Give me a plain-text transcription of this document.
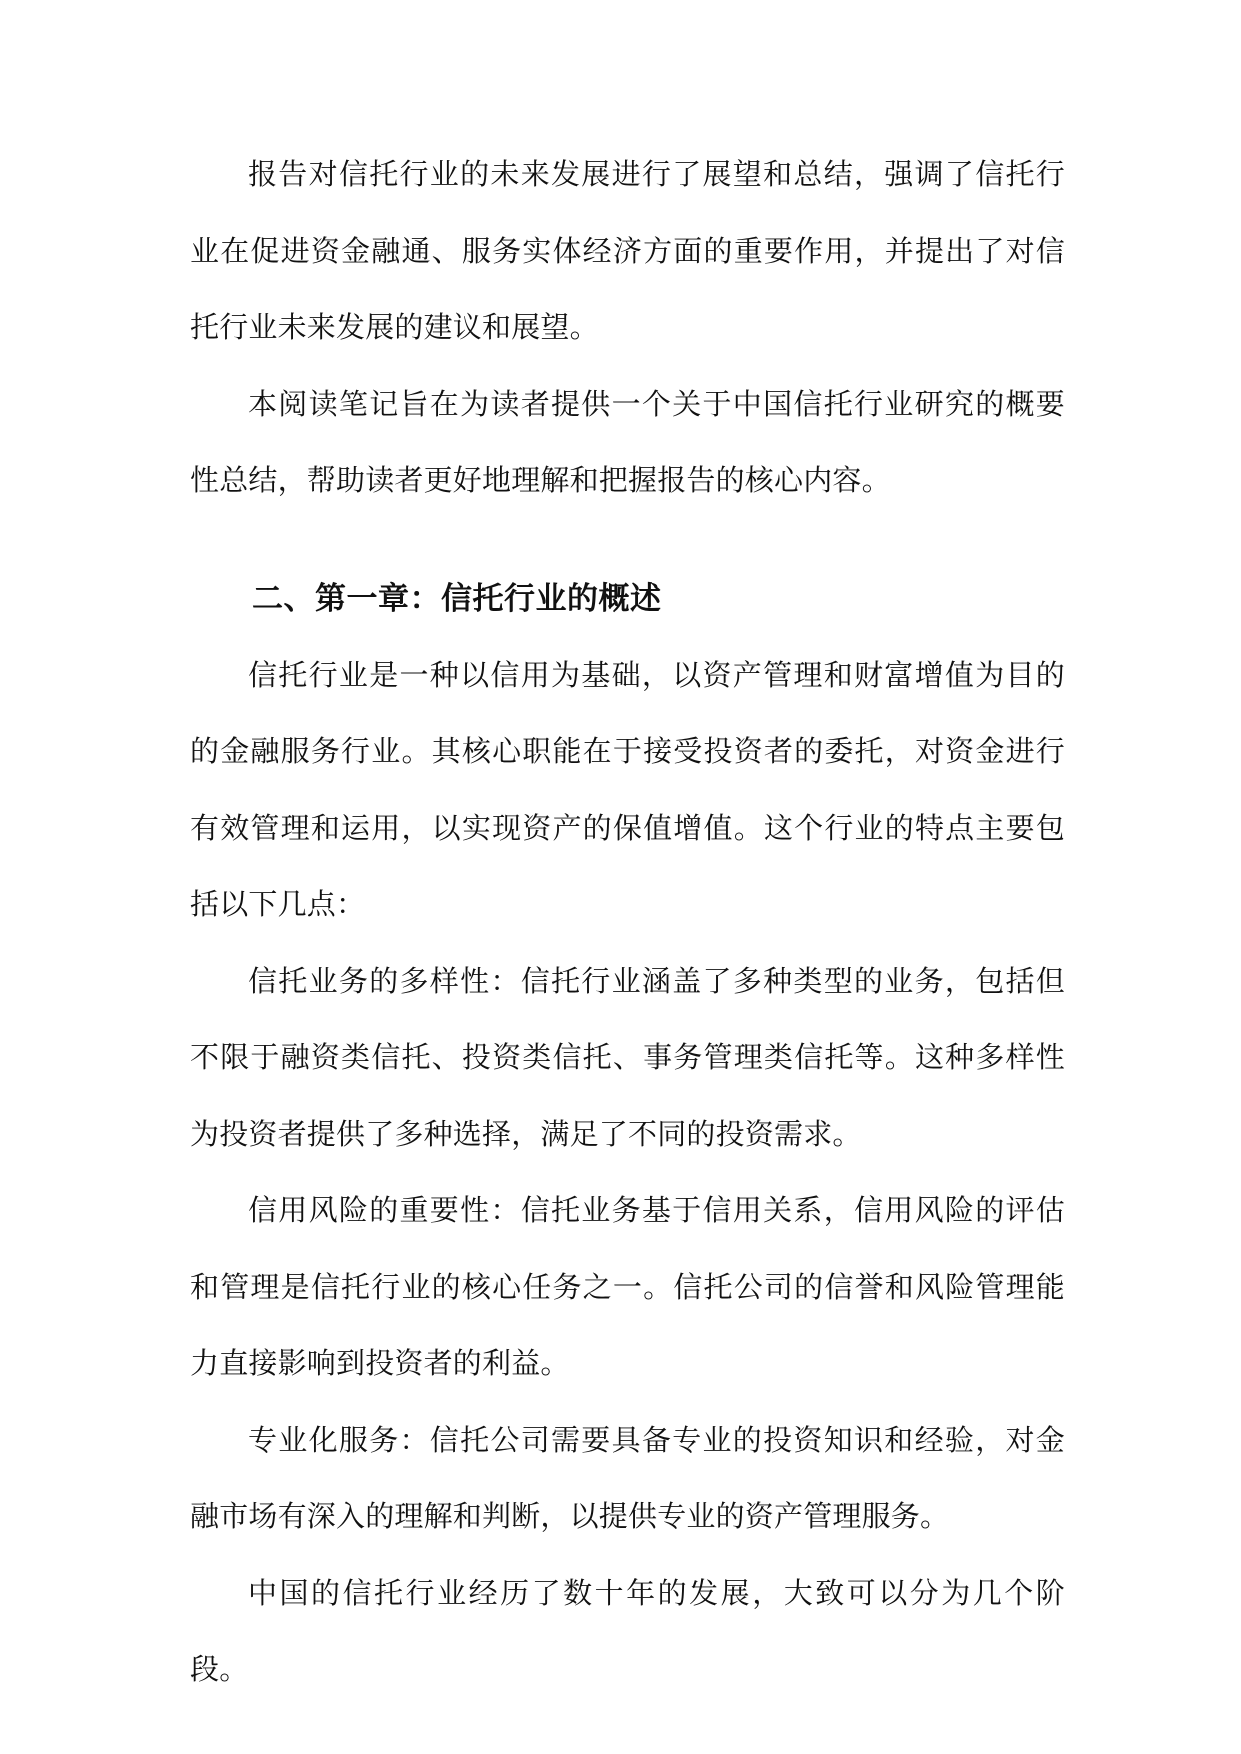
报告对信托行业的未来发展进行了展望和总结，强调了信托行业在促进资金融通、服务实体经济方面的重要作用，并提出了对信托行业未来发展的建议和展望。

本阅读笔记旨在为读者提供一个关于中国信托行业研究的概要性总结，帮助读者更好地理解和把握报告的核心内容。

二、第一章：信托行业的概述

信托行业是一种以信用为基础，以资产管理和财富增值为目的的金融服务行业。其核心职能在于接受投资者的委托，对资金进行有效管理和运用，以实现资产的保值增值。这个行业的特点主要包括以下几点：

信托业务的多样性：信托行业涵盖了多种类型的业务，包括但不限于融资类信托、投资类信托、事务管理类信托等。这种多样性为投资者提供了多种选择，满足了不同的投资需求。

信用风险的重要性：信托业务基于信用关系，信用风险的评估和管理是信托行业的核心任务之一。信托公司的信誉和风险管理能力直接影响到投资者的利益。

专业化服务：信托公司需要具备专业的投资知识和经验，对金融市场有深入的理解和判断，以提供专业的资产管理服务。

中国的信托行业经历了数十年的发展，大致可以分为几个阶段。
